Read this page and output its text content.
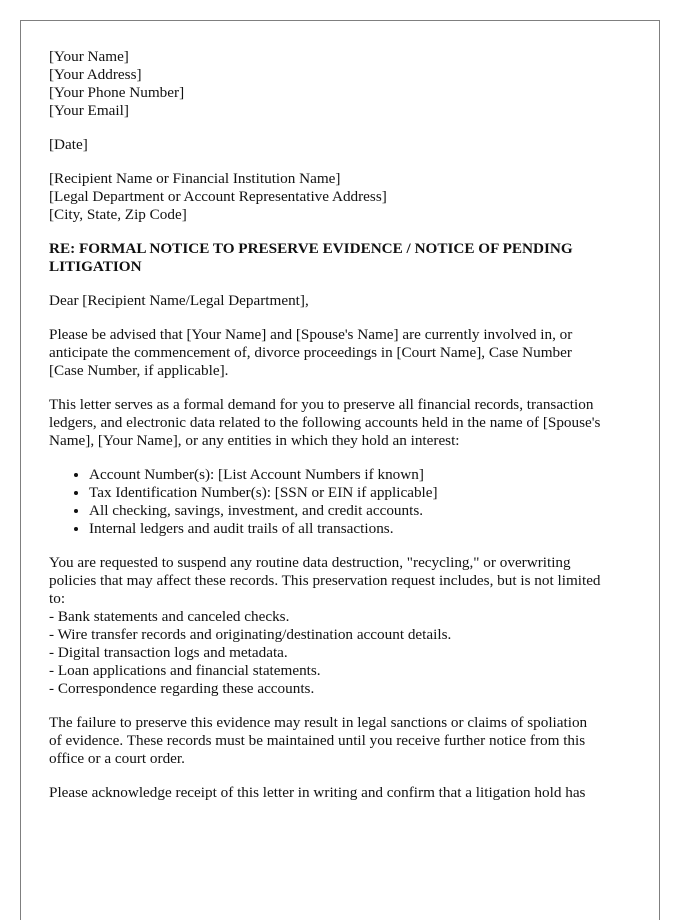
[Your Name]
[Your Address]
[Your Phone Number]
[Your Email]
[Date]
[Recipient Name or Financial Institution Name]
[Legal Department or Account Representative Address]
[City, State, Zip Code]
RE: FORMAL NOTICE TO PRESERVE EVIDENCE / NOTICE OF PENDING
LITIGATION
Dear [Recipient Name/Legal Department],
Please be advised that [Your Name] and [Spouse's Name] are currently involved in, or
anticipate the commencement of, divorce proceedings in [Court Name], Case Number
[Case Number, if applicable].
This letter serves as a formal demand for you to preserve all financial records, transaction
ledgers, and electronic data related to the following accounts held in the name of [Spouse's
Name], [Your Name], or any entities in which they hold an interest:
• Account Number(s): [List Account Numbers if known]
• Tax Identification Number(s): [SSN or EIN if applicable]
• All checking, savings, investment, and credit accounts.
• Internal ledgers and audit trails of all transactions.
You are requested to suspend any routine data destruction, "recycling," or overwriting
policies that may affect these records. This preservation request includes, but is not limited
to:
- Bank statements and canceled checks.
- Wire transfer records and originating/destination account details.
- Digital transaction logs and metadata.
- Loan applications and financial statements.
- Correspondence regarding these accounts.
The failure to preserve this evidence may result in legal sanctions or claims of spoliation
of evidence. These records must be maintained until you receive further notice from this
office or a court order.
Please acknowledge receipt of this letter in writing and confirm that a litigation hold has
